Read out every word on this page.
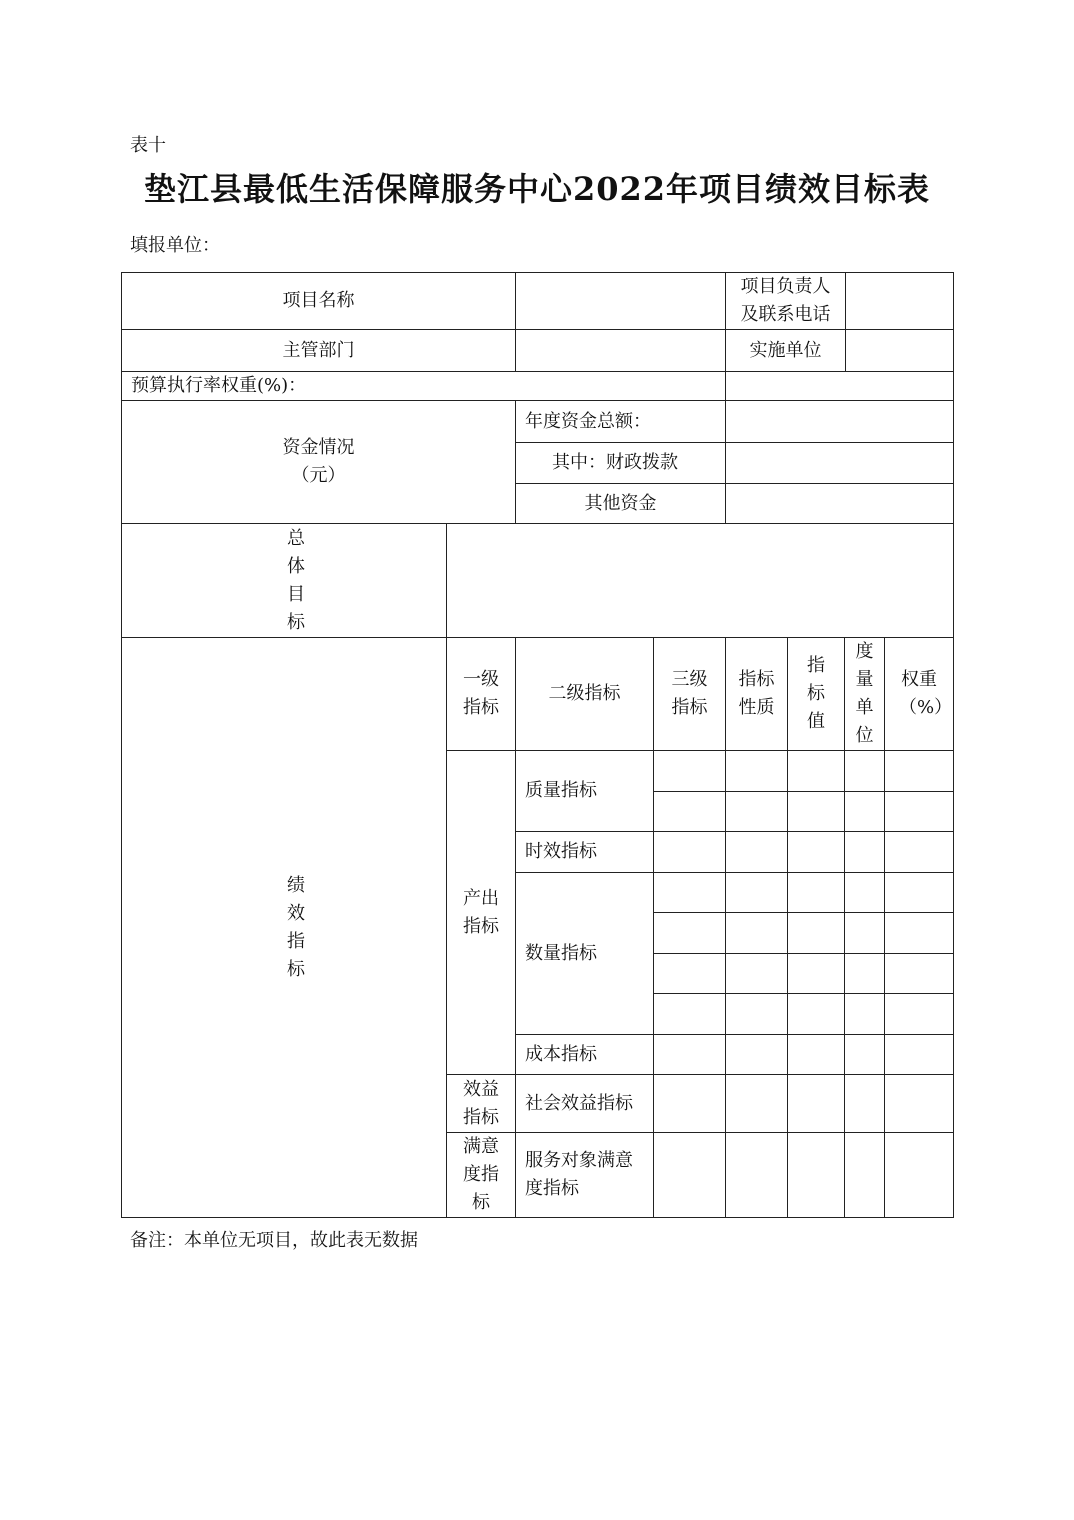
表十
垫江县最低生活保障服务中心2022年项目绩效目标表
填报单位：
项目名称
项目负责人
及联系电话
主管部门	实施单位
预算执行率权重(%)：
资金情况
（元）
年度资金总额：
其中：财政拨款
其他资金
总体目标
绩效指标
一级指标
二级指标
三级指标
指标性质
指标值
度量单位
权重（%）
产出指标
效益指标
满意度指标
质量指标
时效指标
数量指标
成本指标
社会效益指标
服务对象满意度指标
备注：本单位无项目，故此表无数据
